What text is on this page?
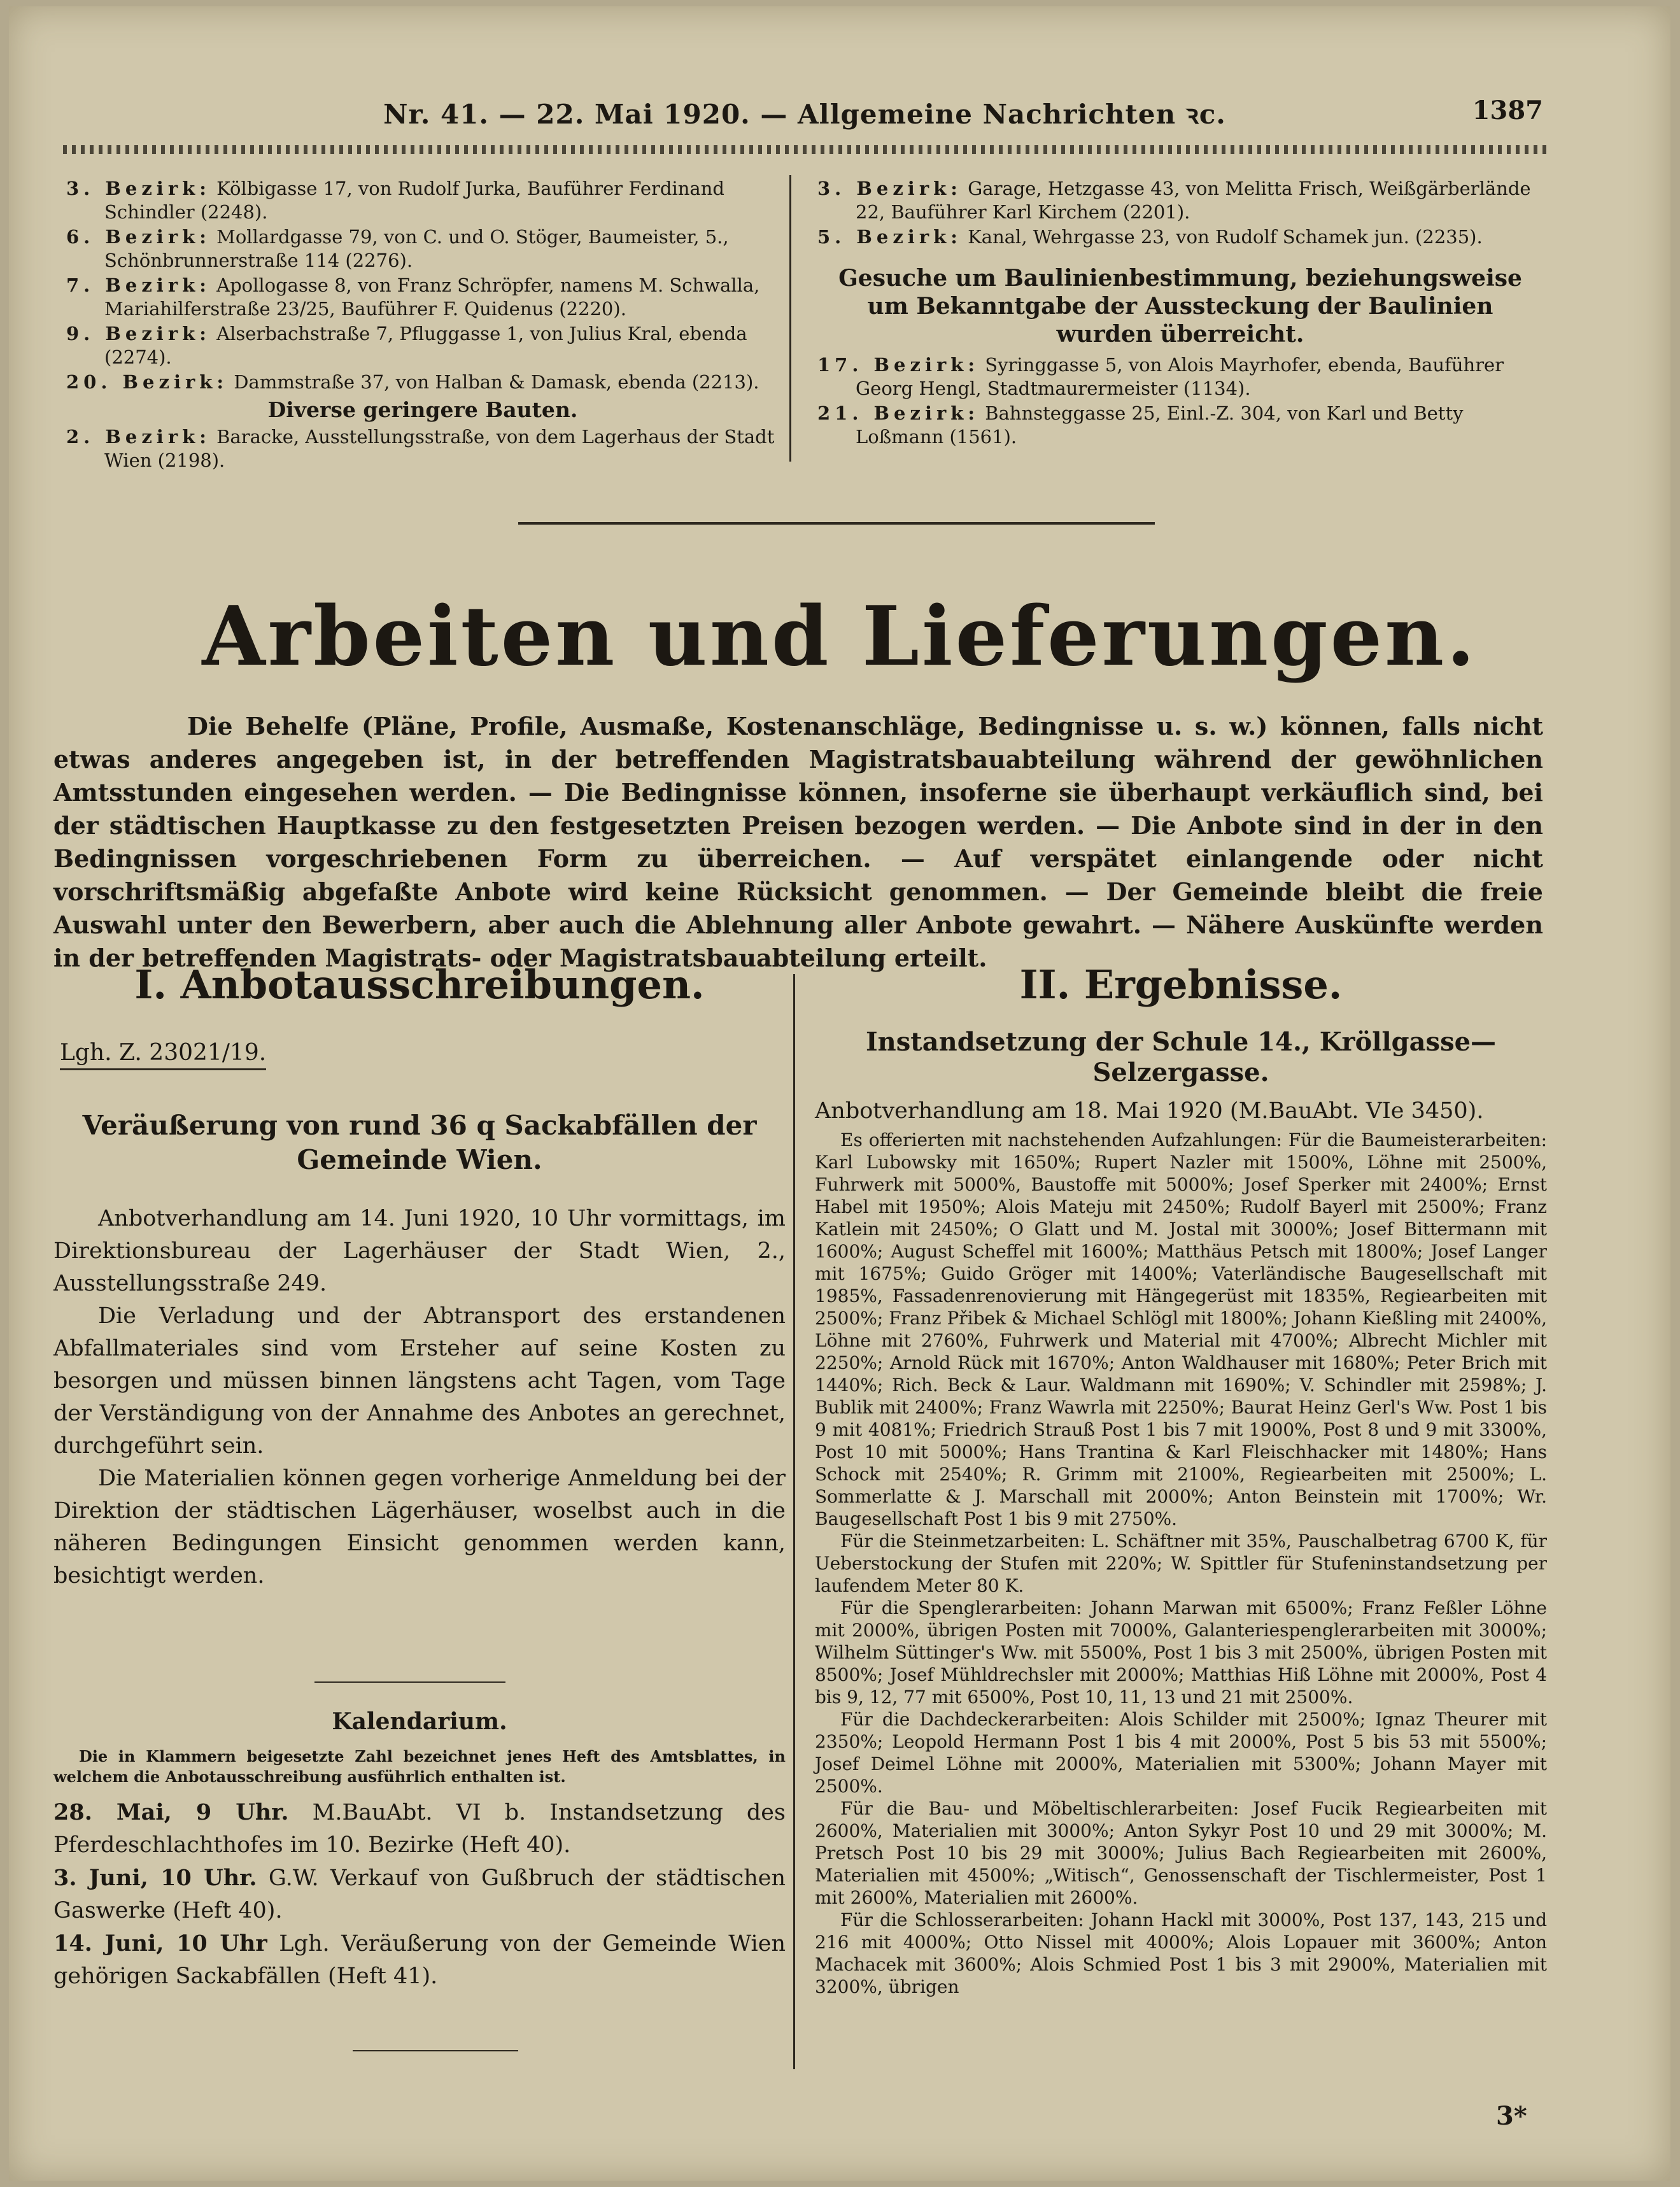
Nr. 41. — 22. Mai 1920. — Allgemeine Nachrichten ꝛc.	1387

3. Bezirk: Kölbigasse 17, von Rudolf Jurka, Bauführer Ferdinand Schindler (2248).

6. Bezirk: Mollardgasse 79, von C. und O. Stöger, Baumeister, 5., Schönbrunnerstraße 114 (2276).

7. Bezirk: Apollogasse 8, von Franz Schröpfer, namens M. Schwalla, Mariahilferstraße 23/25, Bauführer F. Quidenus (2220).

9. Bezirk: Alserbachstraße 7, Pfluggasse 1, von Julius Kral, ebenda (2274).

20. Bezirk: Dammstraße 37, von Halban & Damask, ebenda (2213).

Diverse geringere Bauten.

2. Bezirk: Baracke, Ausstellungsstraße, von dem Lagerhaus der Stadt Wien (2198).

3. Bezirk: Garage, Hetzgasse 43, von Melitta Frisch, Weißgärberlände 22, Bauführer Karl Kirchem (2201).

5. Bezirk: Kanal, Wehrgasse 23, von Rudolf Schamek jun. (2235).

Gesuche um Baulinienbestimmung, beziehungsweise um Bekanntgabe der Aussteckung der Baulinien wurden überreicht.

17. Bezirk: Syringgasse 5, von Alois Mayrhofer, ebenda, Bauführer Georg Hengl, Stadtmaurermeister (1134).

21. Bezirk: Bahnsteggasse 25, Einl.-Z. 304, von Karl und Betty Loßmann (1561).

Arbeiten und Lieferungen.
Die Behelfe (Pläne, Profile, Ausmaße, Kostenanschläge, Bedingnisse u. s. w.) können, falls nicht etwas anderes angegeben ist, in der betreffenden Magistratsbauabteilung während der gewöhnlichen Amtsstunden eingesehen werden. — Die Bedingnisse können, insoferne sie überhaupt verkäuflich sind, bei der städtischen Hauptkasse zu den festgesetzten Preisen bezogen werden. — Die Anbote sind in der in den Bedingnissen vorgeschriebenen Form zu überreichen. — Auf verspätet einlangende oder nicht vorschriftsmäßig abgefaßte Anbote wird keine Rücksicht genommen. — Der Gemeinde bleibt die freie Auswahl unter den Bewerbern, aber auch die Ablehnung aller Anbote gewahrt. — Nähere Auskünfte werden in der betreffenden Magistrats- oder Magistratsbauabteilung erteilt.
I. Anbotausschreibungen.
Lgh. Z. 23021/19.
Veräußerung von rund 36 q Sackabfällen der Gemeinde Wien.

Anbotverhandlung am 14. Juni 1920, 10 Uhr vormittags, im Direktionsbureau der Lagerhäuser der Stadt Wien, 2., Ausstellungsstraße 249.

Die Verladung und der Abtransport des erstandenen Abfallmateriales sind vom Ersteher auf seine Kosten zu besorgen und müssen binnen längstens acht Tagen, vom Tage der Verständigung von der Annahme des Anbotes an gerechnet, durchgeführt sein.

Die Materialien können gegen vorherige Anmeldung bei der Direktion der städtischen Lägerhäuser, woselbst auch in die näheren Bedingungen Einsicht genommen werden kann, besichtigt werden.

Kalendarium.
Die in Klammern beigesetzte Zahl bezeichnet jenes Heft des Amtsblattes, in welchem die Anbotausschreibung ausführlich enthalten ist.

28. Mai, 9 Uhr. M.BauAbt. VI b. Instandsetzung des Pferdeschlachthofes im 10. Bezirke (Heft 40).

3. Juni, 10 Uhr. G.W. Verkauf von Gußbruch der städtischen Gaswerke (Heft 40).

14. Juni, 10 Uhr Lgh. Veräußerung von der Gemeinde Wien gehörigen Sackabfällen (Heft 41).

II. Ergebnisse.
Instandsetzung der Schule 14., Kröllgasse—Selzergasse.
Anbotverhandlung am 18. Mai 1920 (M.BauAbt. VIe 3450).

Es offerierten mit nachstehenden Aufzahlungen: Für die Baumeisterarbeiten: Karl Lubowsky mit 1650%; Rupert Nazler mit 1500%, Löhne mit 2500%, Fuhrwerk mit 5000%, Baustoffe mit 5000%; Josef Sperker mit 2400%; Ernst Habel mit 1950%; Alois Mateju mit 2450%; Rudolf Bayerl mit 2500%; Franz Katlein mit 2450%; O Glatt und M. Jostal mit 3000%; Josef Bittermann mit 1600%; August Scheffel mit 1600%; Matthäus Petsch mit 1800%; Josef Langer mit 1675%; Guido Gröger mit 1400%; Vaterländische Baugesellschaft mit 1985%, Fassadenrenovierung mit Hängegerüst mit 1835%, Regiearbeiten mit 2500%; Franz Přibek & Michael Schlögl mit 1800%; Johann Kießling mit 2400%, Löhne mit 2760%, Fuhrwerk und Material mit 4700%; Albrecht Michler mit 2250%; Arnold Rück mit 1670%; Anton Waldhauser mit 1680%; Peter Brich mit 1440%; Rich. Beck & Laur. Waldmann mit 1690%; V. Schindler mit 2598%; J. Bublik mit 2400%; Franz Wawrla mit 2250%; Baurat Heinz Gerl's Ww. Post 1 bis 9 mit 4081%; Friedrich Strauß Post 1 bis 7 mit 1900%, Post 8 und 9 mit 3300%, Post 10 mit 5000%; Hans Trantina & Karl Fleischhacker mit 1480%; Hans Schock mit 2540%; R. Grimm mit 2100%, Regiearbeiten mit 2500%; L. Sommerlatte & J. Marschall mit 2000%; Anton Beinstein mit 1700%; Wr. Baugesellschaft Post 1 bis 9 mit 2750%.

Für die Steinmetzarbeiten: L. Schäftner mit 35%, Pauschalbetrag 6700 K, für Ueberstockung der Stufen mit 220%; W. Spittler für Stufeninstandsetzung per laufendem Meter 80 K.

Für die Spenglerarbeiten: Johann Marwan mit 6500%; Franz Feßler Löhne mit 2000%, übrigen Posten mit 7000%, Galanteriespenglerarbeiten mit 3000%; Wilhelm Süttinger's Ww. mit 5500%, Post 1 bis 3 mit 2500%, übrigen Posten mit 8500%; Josef Mühldrechsler mit 2000%; Matthias Hiß Löhne mit 2000%, Post 4 bis 9, 12, 77 mit 6500%, Post 10, 11, 13 und 21 mit 2500%.

Für die Dachdeckerarbeiten: Alois Schilder mit 2500%; Ignaz Theurer mit 2350%; Leopold Hermann Post 1 bis 4 mit 2000%, Post 5 bis 53 mit 5500%; Josef Deimel Löhne mit 2000%, Materialien mit 5300%; Johann Mayer mit 2500%.

Für die Bau- und Möbeltischlerarbeiten: Josef Fucik Regiearbeiten mit 2600%, Materialien mit 3000%; Anton Sykyr Post 10 und 29 mit 3000%; M. Pretsch Post 10 bis 29 mit 3000%; Julius Bach Regiearbeiten mit 2600%, Materialien mit 4500%; „Witisch“, Genossenschaft der Tischlermeister, Post 1 mit 2600%, Materialien mit 2600%.

Für die Schlosserarbeiten: Johann Hackl mit 3000%, Post 137, 143, 215 und 216 mit 4000%; Otto Nissel mit 4000%; Alois Lopauer mit 3600%; Anton Machacek mit 3600%; Alois Schmied Post 1 bis 3 mit 2900%, Materialien mit 3200%, übrigen

3*
